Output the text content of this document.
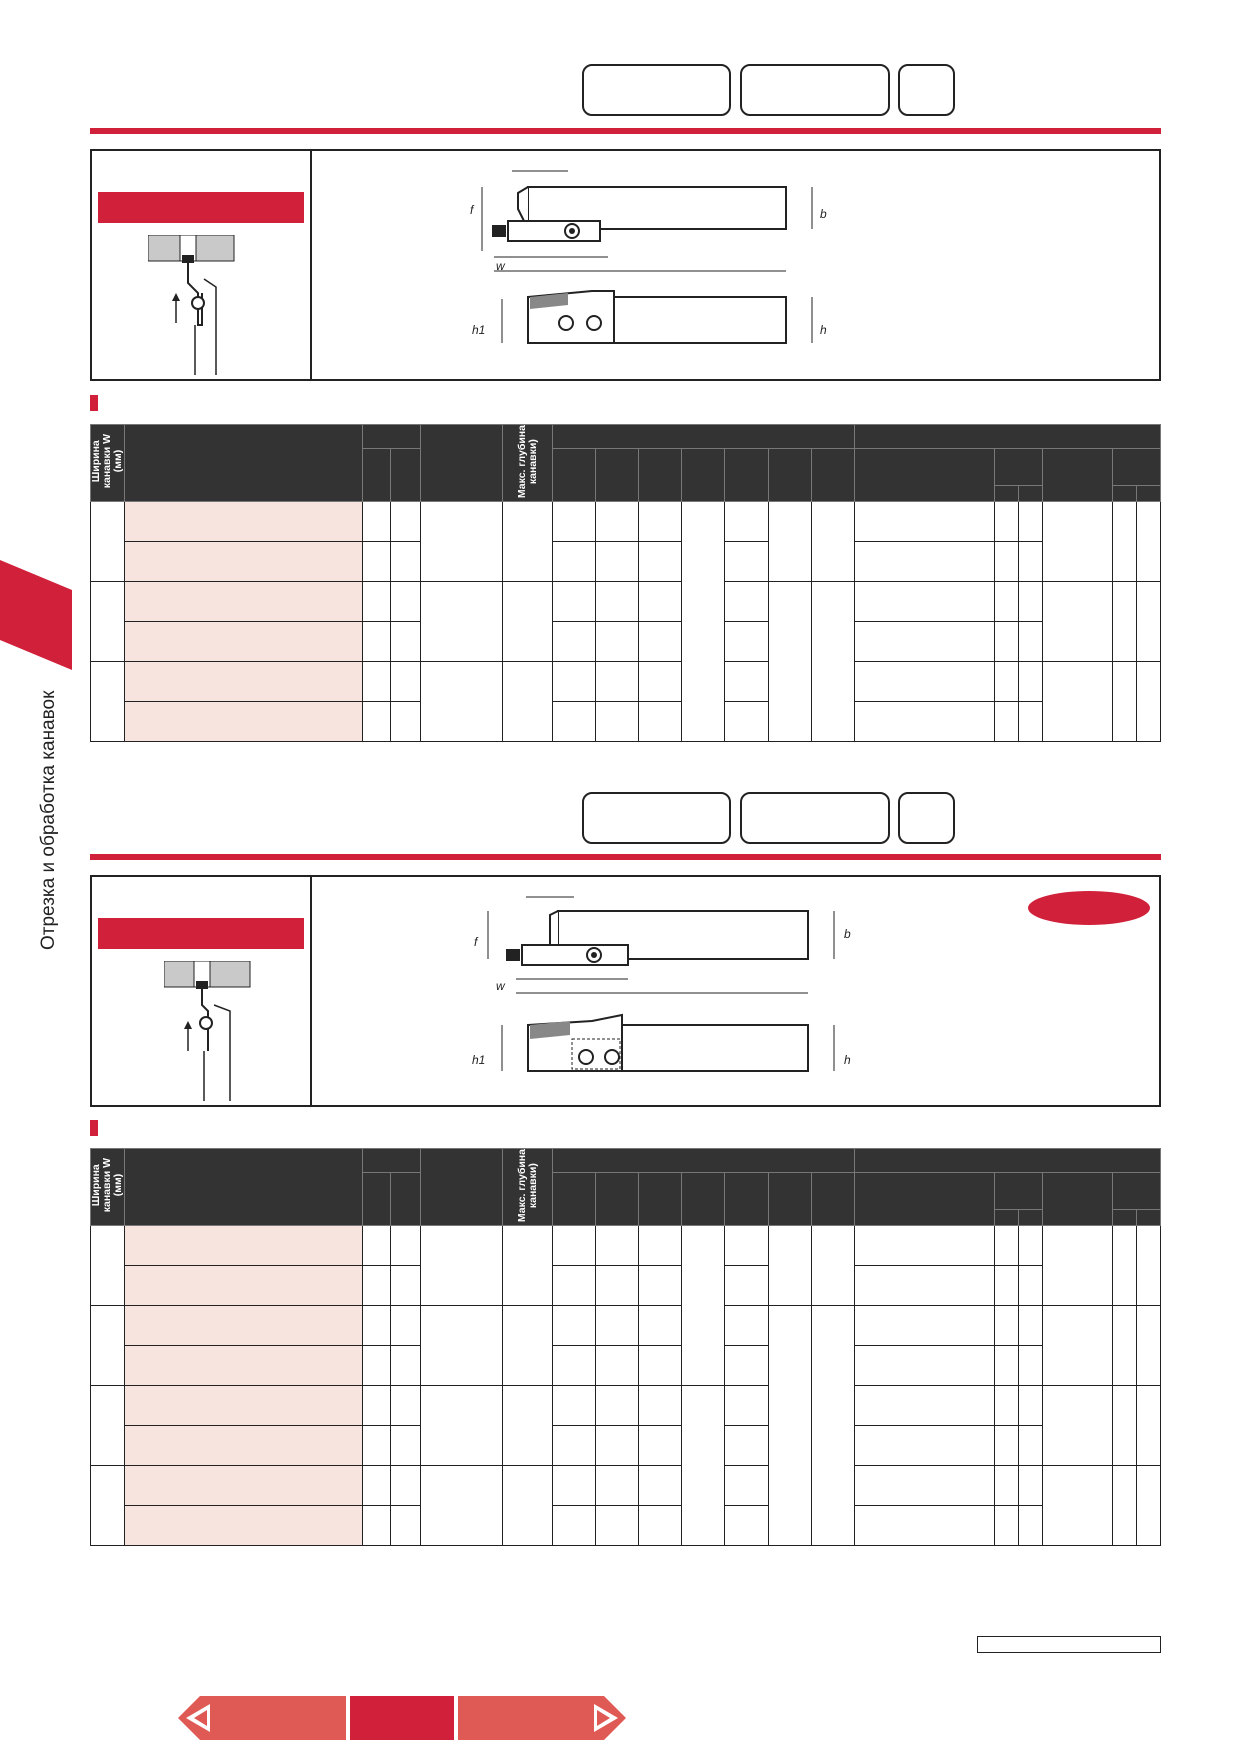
Отрезка и обработка канавок
f
w
b
h1	h
Ширина
канавки W
(мм)					Макс. глубина
канавки)													

f
w
b
h1	h
Ширина
канавки W
(мм)					Макс. глубина
канавки)													
